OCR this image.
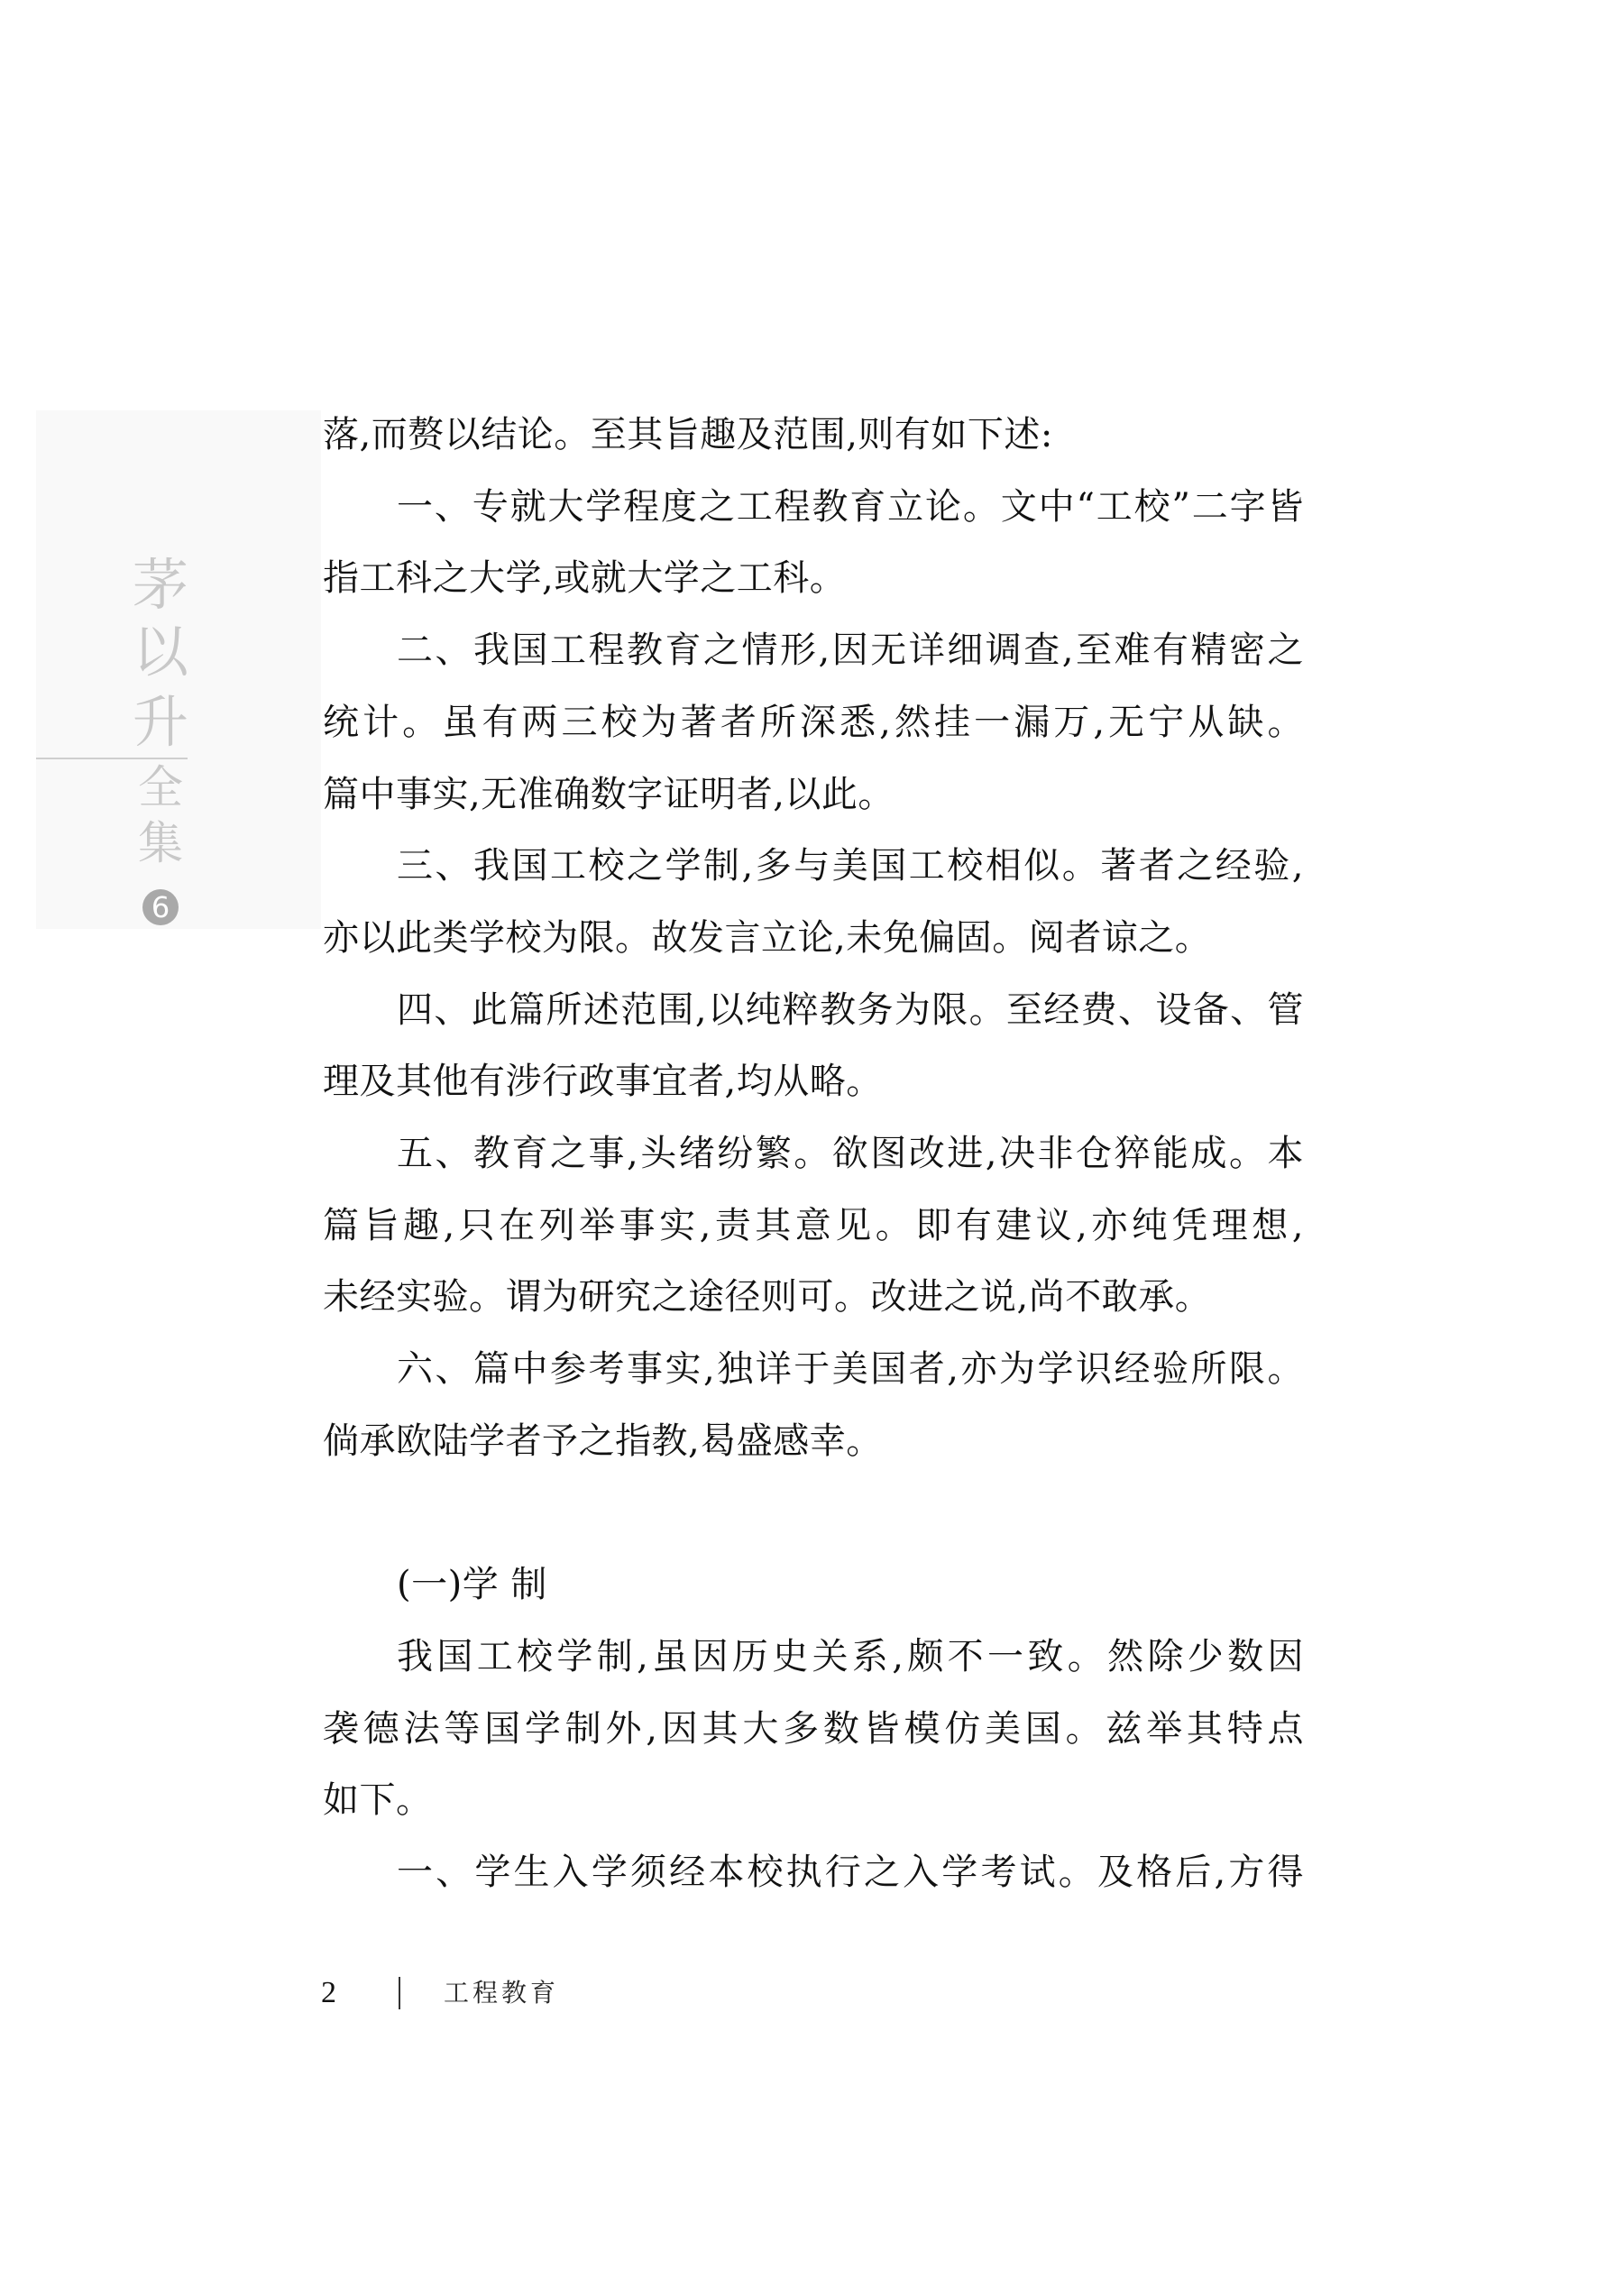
茅
以
升
全
集
6
落,而赘以结论。至其旨趣及范围,则有如下述:
一、专就大学程度之工程教育立论。文中“工校”二字皆
指工科之大学,或就大学之工科。
二、我国工程教育之情形,因无详细调查,至难有精密之
统计。虽有两三校为著者所深悉,然挂一漏万,无宁从缺。
篇中事实,无准确数字证明者,以此。
三、我国工校之学制,多与美国工校相似。著者之经验,
亦以此类学校为限。故发言立论,未免偏固。阅者谅之。
四、此篇所述范围,以纯粹教务为限。至经费、设备、管
理及其他有涉行政事宜者,均从略。
五、教育之事,头绪纷繁。欲图改进,决非仓猝能成。本
篇旨趣,只在列举事实,责其意见。即有建议,亦纯凭理想,
未经实验。谓为研究之途径则可。改进之说,尚不敢承。
六、篇中参考事实,独详于美国者,亦为学识经验所限。
倘承欧陆学者予之指教,曷盛感幸。
(一)学 制
我国工校学制,虽因历史关系,颇不一致。然除少数因
袭德法等国学制外,因其大多数皆模仿美国。兹举其特点
如下。
一、学生入学须经本校执行之入学考试。及格后,方得
2	工程教育
